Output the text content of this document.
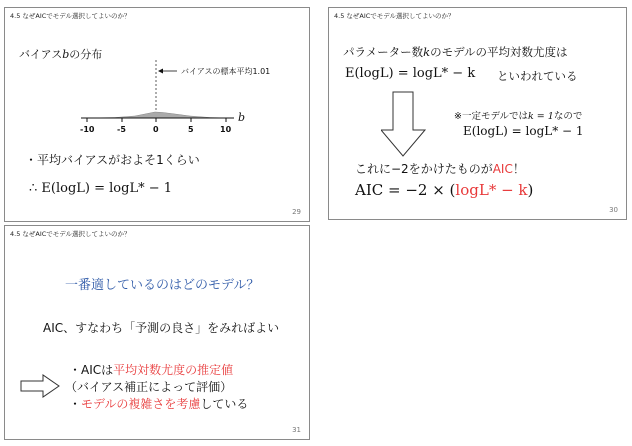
4.5 なぜAICでモデル選択してよいのか？
バイアスbの分布
バイアスの標本平均1.01
-10	-5	0	5	10
b
・平均バイアスがおよそ1くらい
∴ E(logL) = logL* − 1
29
4.5 なぜAICでモデル選択してよいのか？
パラメーター数kのモデルの平均対数尤度は
E(logL) = logL* − k といわれている
※一定モデルではk = 1なので
E(logL) = logL* − 1
これに−2をかけたものがAIC！
AIC = −2 × (logL* − k)
30
4.5 なぜAICでモデル選択してよいのか？
一番適しているのはどのモデル？
AIC、すなわち「予測の良さ」をみればよい
・AICは平均対数尤度の推定値
（バイアス補正によって評価）
・モデルの複雑さを考慮している
31
